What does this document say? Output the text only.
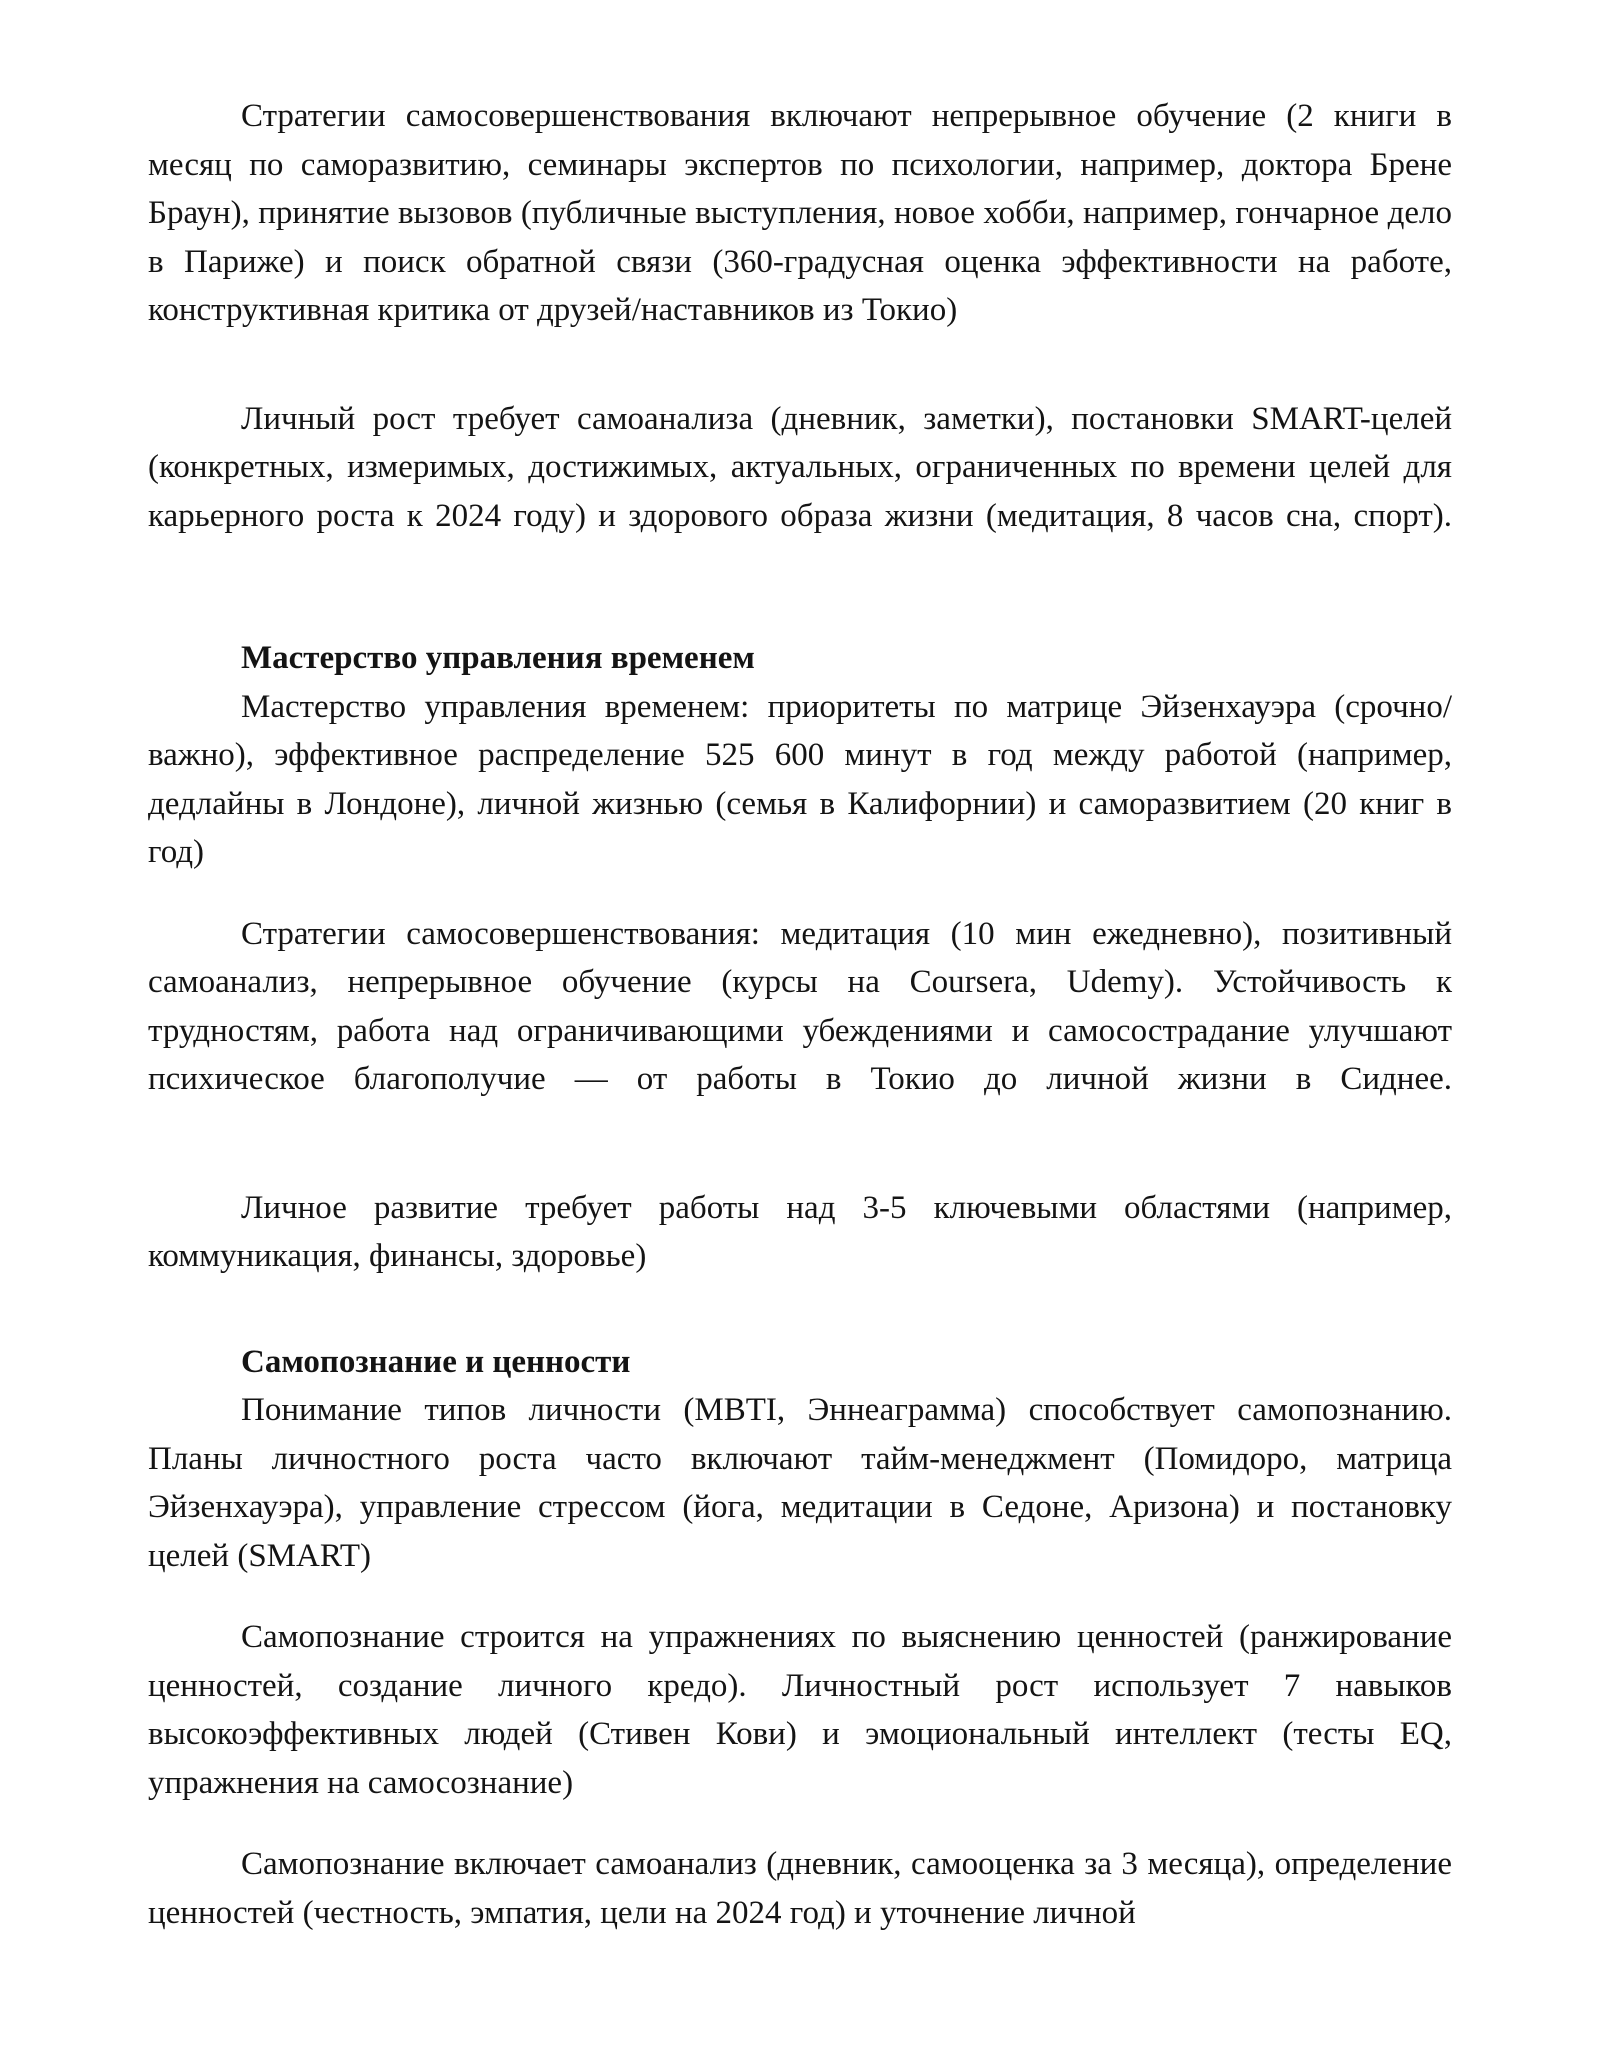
Стратегии самосовершенствования включают непрерывное обучение (2 книги в месяц по саморазвитию, семинары экспертов по психологии, например, доктора Брене Браун), принятие вызовов (публичные выступления, новое хобби, например, гончарное дело в Париже) и поиск обратной связи (360-градусная оценка эффективности на работе, конструктивная критика от друзей/наставников из Токио)

Личный рост требует самоанализа (дневник, заметки), постановки SMART-целей (конкретных, измеримых, достижимых, актуальных, ограниченных по времени целей для карьерного роста к 2024 году) и здорового образа жизни (медитация, 8 часов сна, спорт).

Мастерство управления временем

Мастерство управления временем: приоритеты по матрице Эйзенхауэра (срочно/важно), эффективное распределение 525 600 минут в год между работой (например, дедлайны в Лондоне), личной жизнью (семья в Калифорнии) и саморазвитием (20 книг в год)

Стратегии самосовершенствования: медитация (10 мин ежедневно), позитивный самоанализ, непрерывное обучение (курсы на Coursera, Udemy). Устойчивость к трудностям, работа над ограничивающими убеждениями и самосострадание улучшают психическое благополучие — от работы в Токио до личной жизни в Сиднее.

Личное развитие требует работы над 3-5 ключевыми областями (например, коммуникация, финансы, здоровье)

Самопознание и ценности

Понимание типов личности (MBTI, Эннеаграмма) способствует самопознанию. Планы личностного роста часто включают тайм-менеджмент (Помидоро, матрица Эйзенхауэра), управление стрессом (йога, медитации в Седоне, Аризона) и постановку целей (SMART)

Самопознание строится на упражнениях по выяснению ценностей (ранжирование ценностей, создание личного кредо). Личностный рост использует 7 навыков высокоэффективных людей (Стивен Кови) и эмоциональный интеллект (тесты EQ, упражнения на самосознание)

Самопознание включает самоанализ (дневник, самооценка за 3 месяца), определение ценностей (честность, эмпатия, цели на 2024 год) и уточнение личной
